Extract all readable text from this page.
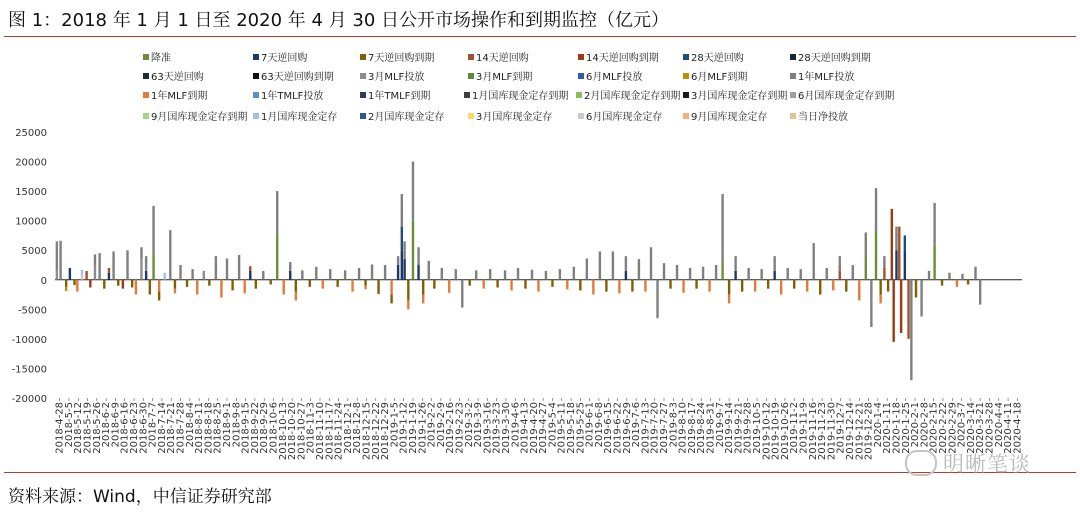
图 1：2018 年 1 月 1 日至 2020 年 4 月 30 日公开市场操作和到期监控（亿元）
降准	7天逆回购	7天逆回购到期	14天逆回购	14天逆回购到期	28天逆回购	28天逆回购到期
63天逆回购	63天逆回购到期	3月MLF投放	3月MLF到期	6月MLF投放	6月MLF到期	1年MLF投放
1年MLF到期	1年TMLF投放	1年TMLF到期	1月国库现金定存到期 2月国库现金定存到期 3月国库现金定存到期 6月国库现金定存到期
9月国库现金定存到期 1月国库现金定存	2月国库现金定存	3月国库现金定存	6月国库现金定存	9月国库现金定存	当日净投放
-20000
-15000
-10000
-5000
0
5000
10000
15000
20000
25000
2018-4-28
2018-5-5
2018-5-12
2018-5-19
2018-5-26
2018-6-2
2018-6-9
2018-6-16
2018-6-23
2018-6-30
2018-7-7
2018-7-14
2018-7-21
2018-7-28
2018-8-4
2018-8-11
2018-8-18
2018-8-25
2018-9-1
2018-9-8
2018-9-15
2018-9-22
2018-9-29
2018-10-6
2018-10-13
2018-10-20
2018-10-27
2018-11-3
2018-11-10
2018-11-17
2018-11-24
2018-12-1
2018-12-8
2018-12-15
2018-12-22
2018-12-29
2019-1-5
2019-1-12
2019-1-19
2019-1-26
2019-2-2
2019-2-9
2019-2-16
2019-2-23
2019-3-2
2019-3-9
2019-3-16
2019-3-23
2019-3-30
2019-4-6
2019-4-13
2019-4-20
2019-4-27
2019-5-4
2019-5-11
2019-5-18
2019-5-25
2019-6-1
2019-6-8
2019-6-15
2019-6-22
2019-6-29
2019-7-6
2019-7-13
2019-7-20
2019-7-27
2019-8-3
2019-8-10
2019-8-17
2019-8-24
2019-8-31
2019-9-7
2019-9-14
2019-9-21
2019-9-28
2019-10-5
2019-10-12
2019-10-19
2019-10-26
2019-11-2
2019-11-9
2019-11-16
2019-11-23
2019-11-30
2019-12-7
2019-12-14
2019-12-21
2019-12-28
2020-1-4
2020-1-11
2020-1-18
2020-1-25
2020-2-1
2020-2-8
2020-2-15
2020-2-22
2020-2-29
2020-3-7
2020-3-14
2020-3-21
2020-3-28
2020-4-4
2020-4-11
2020-4-18
资料来源：Wind，中信证券研究部
明晰笔谈
